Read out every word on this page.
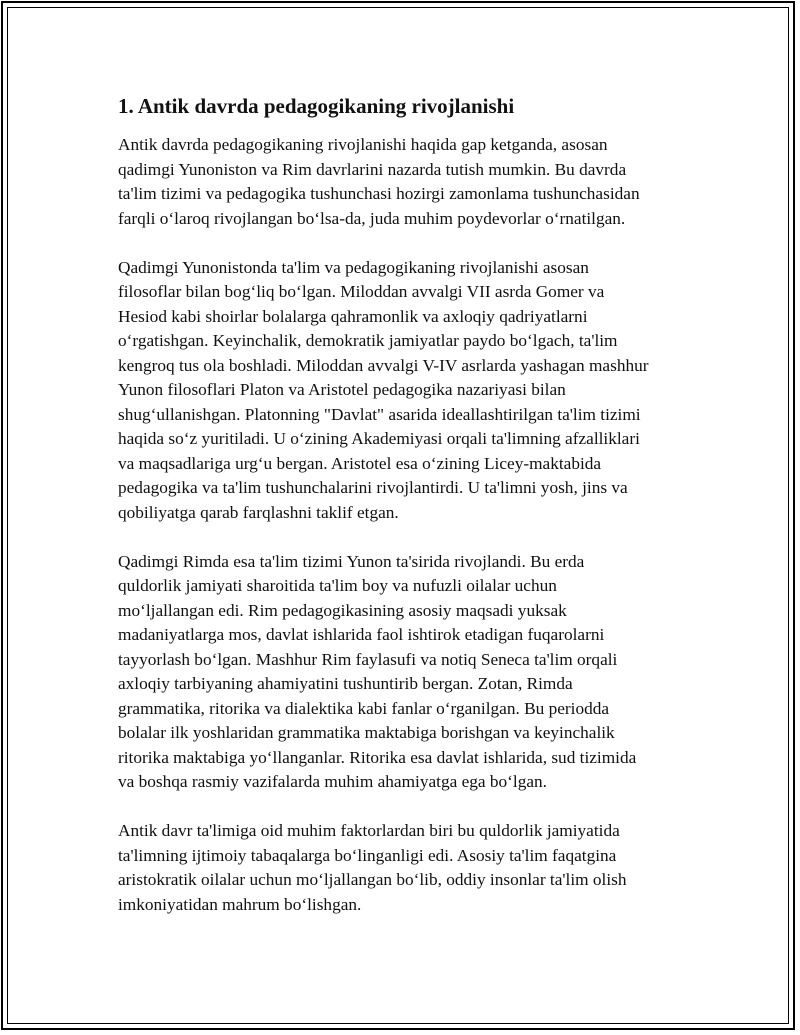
1. Antik davrda pedagogikaning rivojlanishi

Antik davrda pedagogikaning rivojlanishi haqida gap ketganda, asosan
qadimgi Yunoniston va Rim davrlarini nazarda tutish mumkin. Bu davrda
ta'lim tizimi va pedagogika tushunchasi hozirgi zamonlama tushunchasidan
farqli oʻlaroq rivojlangan boʻlsa-da, juda muhim poydevorlar oʻrnatilgan.

Qadimgi Yunonistonda ta'lim va pedagogikaning rivojlanishi asosan
filosoflar bilan bogʻliq boʻlgan. Miloddan avvalgi VII asrda Gomer va
Hesiod kabi shoirlar bolalarga qahramonlik va axloqiy qadriyatlarni
oʻrgatishgan. Keyinchalik, demokratik jamiyatlar paydo boʻlgach, ta'lim
kengroq tus ola boshladi. Miloddan avvalgi V-IV asrlarda yashagan mashhur
Yunon filosoflari Platon va Aristotel pedagogika nazariyasi bilan
shugʻullanishgan. Platonning "Davlat" asarida ideallashtirilgan ta'lim tizimi
haqida soʻz yuritiladi. U oʻzining Akademiyasi orqali ta'limning afzalliklari
va maqsadlariga urgʻu bergan. Aristotel esa oʻzining Licey-maktabida
pedagogika va ta'lim tushunchalarini rivojlantirdi. U ta'limni yosh, jins va
qobiliyatga qarab farqlashni taklif etgan.

Qadimgi Rimda esa ta'lim tizimi Yunon ta'sirida rivojlandi. Bu erda
quldorlik jamiyati sharoitida ta'lim boy va nufuzli oilalar uchun
moʻljallangan edi. Rim pedagogikasining asosiy maqsadi yuksak
madaniyatlarga mos, davlat ishlarida faol ishtirok etadigan fuqarolarni
tayyorlash boʻlgan. Mashhur Rim faylasufi va notiq Seneca ta'lim orqali
axloqiy tarbiyaning ahamiyatini tushuntirib bergan. Zotan, Rimda
grammatika, ritorika va dialektika kabi fanlar oʻrganilgan. Bu periodda
bolalar ilk yoshlaridan grammatika maktabiga borishgan va keyinchalik
ritorika maktabiga yoʻllanganlar. Ritorika esa davlat ishlarida, sud tizimida
va boshqa rasmiy vazifalarda muhim ahamiyatga ega boʻlgan.

Antik davr ta'limiga oid muhim faktorlardan biri bu quldorlik jamiyatida
ta'limning ijtimoiy tabaqalarga boʻlinganligi edi. Asosiy ta'lim faqatgina
aristokratik oilalar uchun moʻljallangan boʻlib, oddiy insonlar ta'lim olish
imkoniyatidan mahrum boʻlishgan.
